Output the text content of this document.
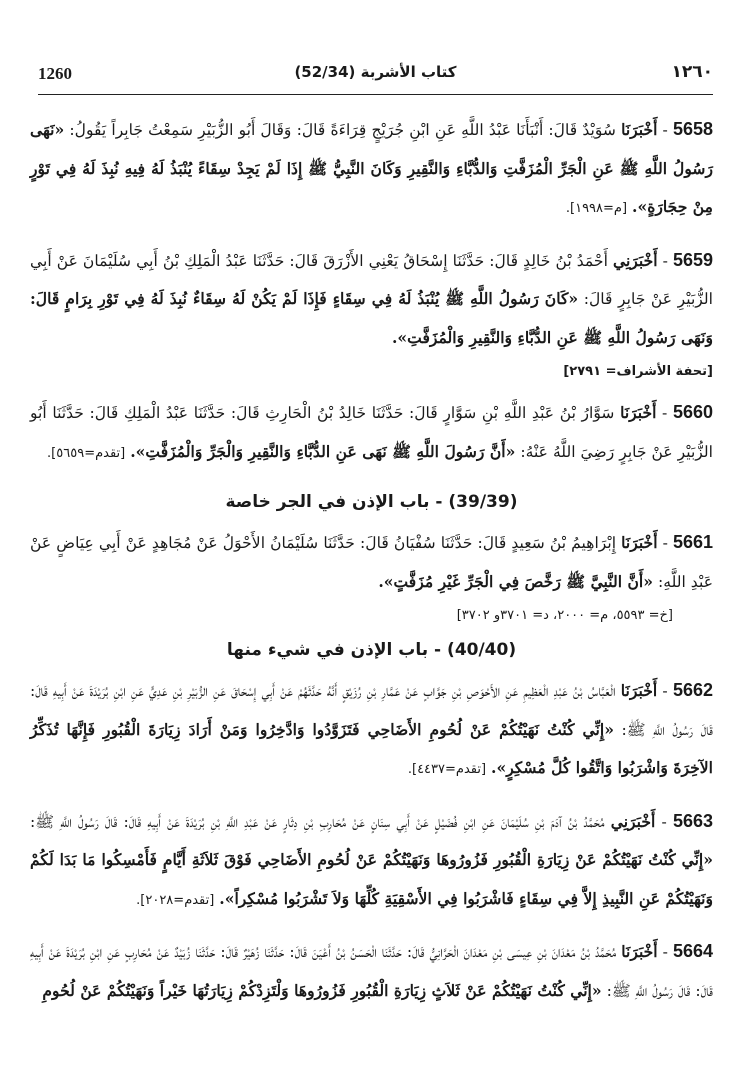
1260	(52/34) كتاب الأشربة	١٢٦٠

5658 - أَخْبَرَنَا سُوَيْدٌ قَالَ: أَنْبَأَنَا عَبْدُ اللَّهِ عَنِ ابْنِ جُرَيْجٍ قِرَاءَةً قَالَ: وَقَالَ أَبُو الزُّبَيْرِ سَمِعْتُ جَابِراً يَقُولُ: «نَهَى رَسُولُ اللَّهِ ﷺ عَنِ الْجَرِّ الْمُزَفَّتِ وَالدُّبَّاءِ وَالنَّقِيرِ وَكَانَ النَّبِيُّ ﷺ إِذَا لَمْ يَجِدْ سِقَاءً يُنْبَذُ لَهُ فِيهِ نُبِذَ لَهُ فِي تَوْرٍ مِنْ حِجَارَةٍ». [م=١٩٩٨].

5659 - أَخْبَرَنِي أَحْمَدُ بْنُ خَالِدٍ قَالَ: حَدَّثَنَا إِسْحَاقُ يَعْنِي الأَزْرَقَ قَالَ: حَدَّثَنَا عَبْدُ الْمَلِكِ بْنُ أَبِي سُلَيْمَانَ عَنْ أَبِي الزُّبَيْرِ عَنْ جَابِرٍ قَالَ: «كَانَ رَسُولُ اللَّهِ ﷺ يُنْبَذُ لَهُ فِي سِقَاءٍ فَإِذَا لَمْ يَكُنْ لَهُ سِقَاءٌ نُبِذَ لَهُ فِي تَوْرِ بِرَامٍ قَالَ: وَنَهَى رَسُولُ اللَّهِ ﷺ عَنِ الدُّبَّاءِ وَالنَّقِيرِ وَالْمُزَفَّتِ».

[تحفة الأشراف= ٢٧٩١]

5660 - أَخْبَرَنَا سَوَّارُ بْنُ عَبْدِ اللَّهِ بْنِ سَوَّارٍ قَالَ: حَدَّثَنَا خَالِدُ بْنُ الْحَارِثِ قَالَ: حَدَّثَنَا عَبْدُ الْمَلِكِ قَالَ: حَدَّثَنَا أَبُو الزُّبَيْرِ عَنْ جَابِرٍ رَضِيَ اللَّهُ عَنْهُ: «أَنَّ رَسُولَ اللَّهِ ﷺ نَهَى عَنِ الدُّبَّاءِ وَالنَّقِيرِ وَالْجَرِّ وَالْمُزَفَّتِ». [تقدم=٥٦٥٩].

(39/39) - باب الإذن في الجر خاصة

5661 - أَخْبَرَنَا إِبْرَاهِيمُ بْنُ سَعِيدٍ قَالَ: حَدَّثَنَا سُفْيَانُ قَالَ: حَدَّثَنَا سُلَيْمَانُ الأَحْوَلُ عَنْ مُجَاهِدٍ عَنْ أَبِي عِيَاضٍ عَنْ عَبْدِ اللَّهِ: «أَنَّ النَّبِيَّ ﷺ رَخَّصَ فِي الْجَرِّ غَيْرِ مُزَفَّتٍ».

[خ= ٥٥٩٣، م= ٢٠٠٠، د= ٣٧٠١و ٣٧٠٢]
(40/40) - باب الإذن في شيء منها

5662 - أَخْبَرَنَا الْعَبَّاسُ بْنُ عَبْدِ الْعَظِيمِ عَنِ الأَحْوَصِ بْنِ جَوَّابٍ عَنْ عَمَّارِ بْنِ رُزَيْقٍ أَنَّهُ حَدَّثَهُمْ عَنْ أَبِي إِسْحَاقَ عَنِ الزُّبَيْرِ بْنِ عَدِيٍّ عَنِ ابْنِ بُرَيْدَةَ عَنْ أَبِيهِ قَالَ: قَالَ رَسُولُ اللَّهِ ﷺ: «إِنِّي كُنْتُ نَهَيْتُكُمْ عَنْ لُحُومِ الأَضَاحِي فَتَزَوَّدُوا وَادَّخِرُوا وَمَنْ أَرَادَ زِيَارَةَ الْقُبُورِ فَإِنَّهَا تُذَكِّرُ الآخِرَةَ وَاشْرَبُوا وَاتَّقُوا كُلَّ مُسْكِرٍ». [تقدم=٤٤٣٧].

5663 - أَخْبَرَنِي مُحَمَّدُ بْنُ آدَمَ بْنِ سُلَيْمَانَ عَنِ ابْنِ فُضَيْلٍ عَنْ أَبِي سِنَانٍ عَنْ مُحَارِبِ بْنِ دِثَارٍ عَنْ عَبْدِ اللَّهِ بْنِ بُرَيْدَةَ عَنْ أَبِيهِ قَالَ: قَالَ رَسُولُ اللَّهِ ﷺ: «إِنِّي كُنْتُ نَهَيْتُكُمْ عَنْ زِيَارَةِ الْقُبُورِ فَزُورُوهَا وَنَهَيْتُكُمْ عَنْ لُحُومِ الأَضَاحِي فَوْقَ ثَلاَثَةِ أَيَّامٍ فَأَمْسِكُوا مَا بَدَا لَكُمْ وَنَهَيْتُكُمْ عَنِ النَّبِيذِ إِلاَّ فِي سِقَاءٍ فَاشْرَبُوا فِي الأَسْقِيَةِ كُلِّهَا وَلاَ تَشْرَبُوا مُسْكِراً». [تقدم=٢٠٢٨].

5664 - أَخْبَرَنَا مُحَمَّدُ بْنُ مَعْدَانَ بْنِ عِيسَى بْنِ مَعْدَانَ الْحَرَّانِيُّ قَالَ: حَدَّثَنَا الْحَسَنُ بْنُ أَعْيَنَ قَالَ: حَدَّثَنَا زُهَيْرٌ قَالَ: حَدَّثَنَا زُبَيْدٌ عَنْ مُحَارِبٍ عَنِ ابْنِ بُرَيْدَةَ عَنْ أَبِيهِ قَالَ: قَالَ رَسُولُ اللَّهِ ﷺ: «إِنِّي كُنْتُ نَهَيْتُكُمْ عَنْ ثَلاَثٍ زِيَارَةِ الْقُبُورِ فَزُورُوهَا وَلْتَزِدْكُمْ زِيَارَتُهَا خَيْراً وَنَهَيْتُكُمْ عَنْ لُحُومِ
